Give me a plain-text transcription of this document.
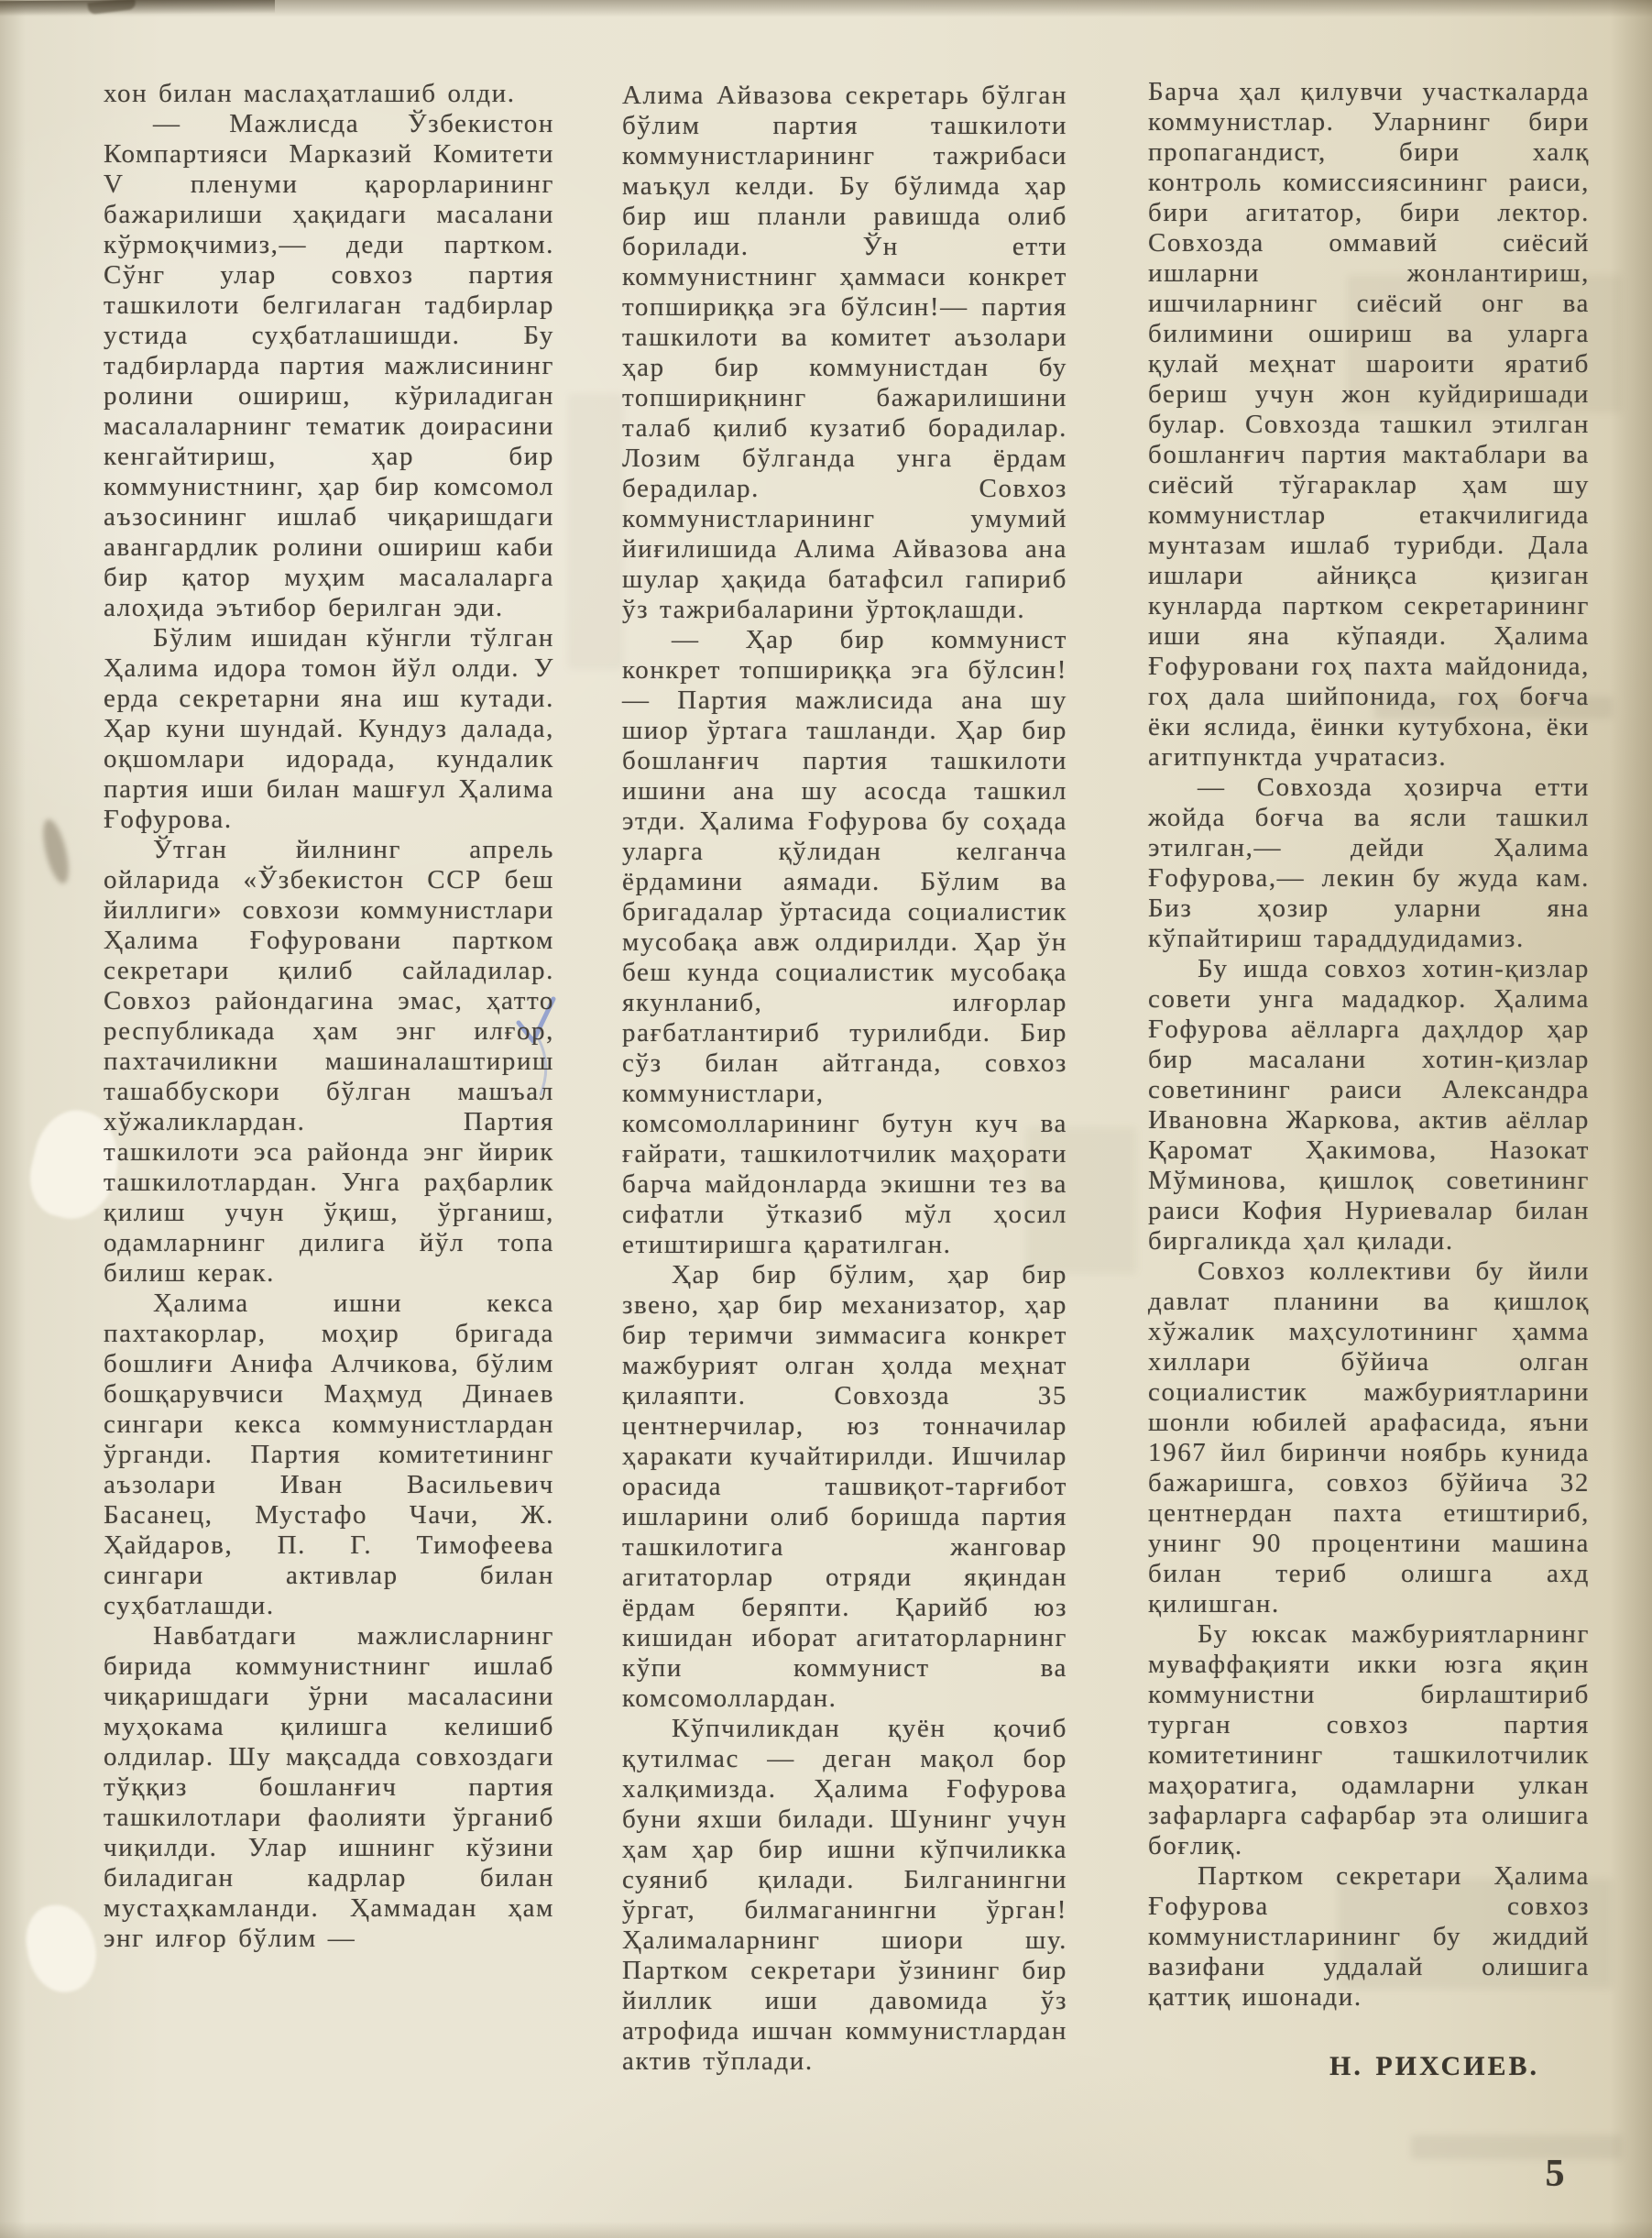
хон билан маслаҳатлашиб олди.

— Мажлисда Ўзбекистон Компартияси Марказий Комитети V пленуми қарорларининг бажарилиши ҳақидаги масалани кўрмоқчимиз,— деди партком. Сўнг улар совхоз партия ташкилоти белгилаган тадбирлар устида суҳбатлашишди. Бу тадбирларда партия мажлисининг ролини ошириш, кўриладиган масалаларнинг тематик доирасини кенгайтириш, ҳар бир коммунистнинг, ҳар бир комсомол аъзосининг ишлаб чиқаришдаги авангардлик ролини ошириш каби бир қатор муҳим масалаларга алоҳида эътибор берилган эди.

Бўлим ишидан кўнгли тўлган Ҳалима идора томон йўл олди. У ерда секретарни яна иш кутади. Ҳар куни шундай. Кундуз далада, оқшомлари идорада, кундалик партия иши билан машғул Ҳалима Ғофурова.

Ўтган йилнинг апрель ойларида «Ўзбекистон ССР беш йиллиги» совхози коммунистлари Ҳалима Ғофуровани партком секретари қилиб сайладилар. Совхоз райондагина эмас, ҳатто республикада ҳам энг илғор, пахтачиликни машиналаштириш ташаббускори бўлган машъал хўжаликлардан. Партия ташкилоти эса районда энг йирик ташкилотлардан. Унга раҳбарлик қилиш учун ўқиш, ўрганиш, одамларнинг дилига йўл топа билиш керак.

Ҳалима ишни кекса пахтакорлар, моҳир бригада бошлиғи Анифа Алчикова, бўлим бошқарувчиси Маҳмуд Динаев сингари кекса коммунистлардан ўрганди. Партия комитетининг аъзолари Иван Васильевич Басанец, Мустафо Чачи, Ж. Ҳайдаров, П. Г. Тимофеева сингари активлар билан суҳбатлашди.

Навбатдаги мажлисларнинг бирида коммунистнинг ишлаб чиқаришдаги ўрни масаласини муҳокама қилишга келишиб олдилар. Шу мақсадда совхоздаги тўққиз бошланғич партия ташкилотлари фаолияти ўрганиб чиқилди. Улар ишнинг кўзини биладиган кадрлар билан мустаҳкамланди. Ҳаммадан ҳам энг илғор бўлим —

Алима Айвазова секретарь бўлган бўлим партия ташкилоти коммунистларининг тажрибаси маъқул келди. Бу бўлимда ҳар бир иш планли равишда олиб борилади. Ўн етти коммунистнинг ҳаммаси конкрет топшириққа эга бўлсин!— партия ташкилоти ва комитет аъзолари ҳар бир коммунистдан бу топшириқнинг бажарилишини талаб қилиб кузатиб борадилар. Лозим бўлганда унга ёрдам берадилар. Совхоз коммунистларининг умумий йиғилишида Алима Айвазова ана шулар ҳақида батафсил гапириб ўз тажрибаларини ўртоқлашди.

— Ҳар бир коммунист конкрет топшириққа эга бўлсин!— Партия мажлисида ана шу шиор ўртага ташланди. Ҳар бир бошланғич партия ташкилоти ишини ана шу асосда ташкил этди. Ҳалима Ғофурова бу соҳада уларга қўлидан келганча ёрдамини аямади. Бўлим ва бригадалар ўртасида социалистик мусобақа авж олдирилди. Ҳар ўн беш кунда социалистик мусобақа якунланиб, илғорлар рағбатлантириб турилибди. Бир сўз билан айтганда, совхоз коммунистлари, комсомолларининг бутун куч ва ғайрати, ташкилотчилик маҳорати барча майдонларда экишни тез ва сифатли ўтказиб мўл ҳосил етиштиришга қаратилган.

Ҳар бир бўлим, ҳар бир звено, ҳар бир механизатор, ҳар бир теримчи зиммасига конкрет мажбурият олган ҳолда меҳнат қилаяпти. Совхозда 35 центнерчилар, юз тонначилар ҳаракати кучайтирилди. Ишчилар орасида ташвиқот-тарғибот ишларини олиб боришда партия ташкилотига жанговар агитаторлар отряди яқиндан ёрдам беряпти. Қарийб юз кишидан иборат агитаторларнинг кўпи коммунист ва комсомоллардан.

Кўпчиликдан қуён қочиб қутилмас — деган мақол бор халқимизда. Ҳалима Ғофурова буни яхши билади. Шунинг учун ҳам ҳар бир ишни кўпчиликка суяниб қилади. Билганингни ўргат, билмаганингни ўрган! Ҳалималарнинг шиори шу. Партком секретари ўзининг бир йиллик иши давомида ўз атрофида ишчан коммунистлардан актив тўплади.

Барча ҳал қилувчи участкаларда коммунистлар. Уларнинг бири пропагандист, бири халқ контроль комиссиясининг раиси, бири агитатор, бири лектор. Совхозда оммавий сиёсий ишларни жонлантириш, ишчиларнинг сиёсий онг ва билимини ошириш ва уларга қулай меҳнат шароити яратиб бериш учун жон куйдиришади булар. Совхозда ташкил этилган бошланғич партия мактаблари ва сиёсий тўгараклар ҳам шу коммунистлар етакчилигида мунтазам ишлаб турибди. Дала ишлари айниқса қизиган кунларда партком секретарининг иши яна кўпаяди. Ҳалима Ғофуровани гоҳ пахта майдонида, гоҳ дала шийпонида, гоҳ боғча ёки яслида, ёинки кутубхона, ёки агитпунктда учратасиз.

— Совхозда ҳозирча етти жойда боғча ва ясли ташкил этилган,— дейди Ҳалима Ғофурова,— лекин бу жуда кам. Биз ҳозир уларни яна кўпайтириш тараддудидамиз.

Бу ишда совхоз хотин-қизлар совети унга мададкор. Ҳалима Ғофурова аёлларга даҳлдор ҳар бир масалани хотин-қизлар советининг раиси Александра Ивановна Жаркова, актив аёллар Қаромат Ҳакимова, Назокат Мўминова, қишлоқ советининг раиси Кофия Нуриевалар билан биргаликда ҳал қилади.

Совхоз коллективи бу йили давлат планини ва қишлоқ хўжалик маҳсулотининг ҳамма хиллари бўйича олган социалистик мажбуриятларини шонли юбилей арафасида, яъни 1967 йил биринчи ноябрь кунида бажаришга, совхоз бўйича 32 центнердан пахта етиштириб, унинг 90 процентини машина билан териб олишга ахд қилишган.

Бу юксак мажбуриятларнинг муваффақияти икки юзга яқин коммунистни бирлаштириб турган совхоз партия комитетининг ташкилотчилик маҳоратига, одамларни улкан зафарларга сафарбар эта олишига боғлиқ.

Партком секретари Ҳалима Ғофурова совхоз коммунистларининг бу жиддий вазифани уддалай олишига қаттиқ ишонади.

Н. РИХСИЕВ.
5
